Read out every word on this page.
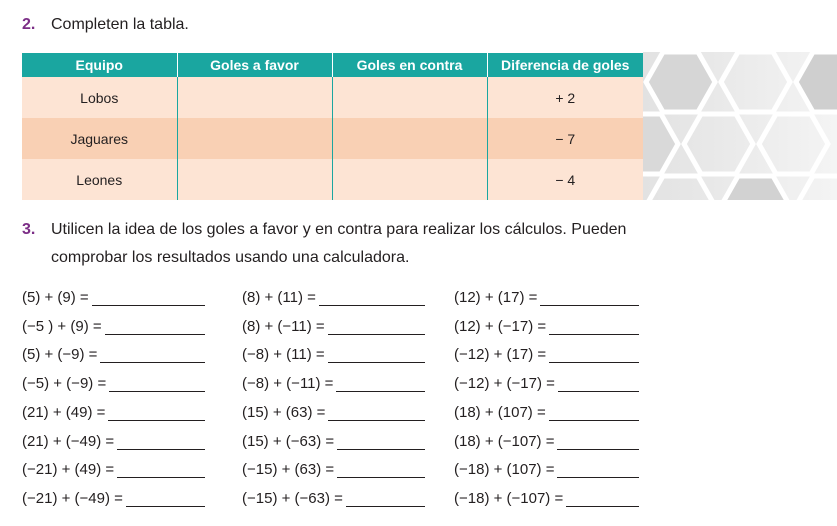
2. Completen la tabla.
Equipo	Goles a favor	Goles en contra	Diferencia de goles
Lobos			+ 2
Jaguares			− 7
Leones			− 4
3. Utilicen la idea de los goles a favor y en contra para realizar los cálculos. Pueden
comprobar los resultados usando una calculadora.
(5) + (9) =
(−5 ) + (9) =
(5) + (−9) =
(−5) + (−9) =
(21) + (49) =
(21) + (−49) =
(−21) + (49) =
(−21) + (−49) =
(8) + (11) =
(8) + (−11) =
(−8) + (11) =
(−8) + (−11) =
(15) + (63) =
(15) + (−63) =
(−15) + (63) =
(−15) + (−63) =
(12) + (17) =
(12) + (−17) =
(−12) + (17) =
(−12) + (−17) =
(18) + (107) =
(18) + (−107) =
(−18) + (107) =
(−18) + (−107) =
